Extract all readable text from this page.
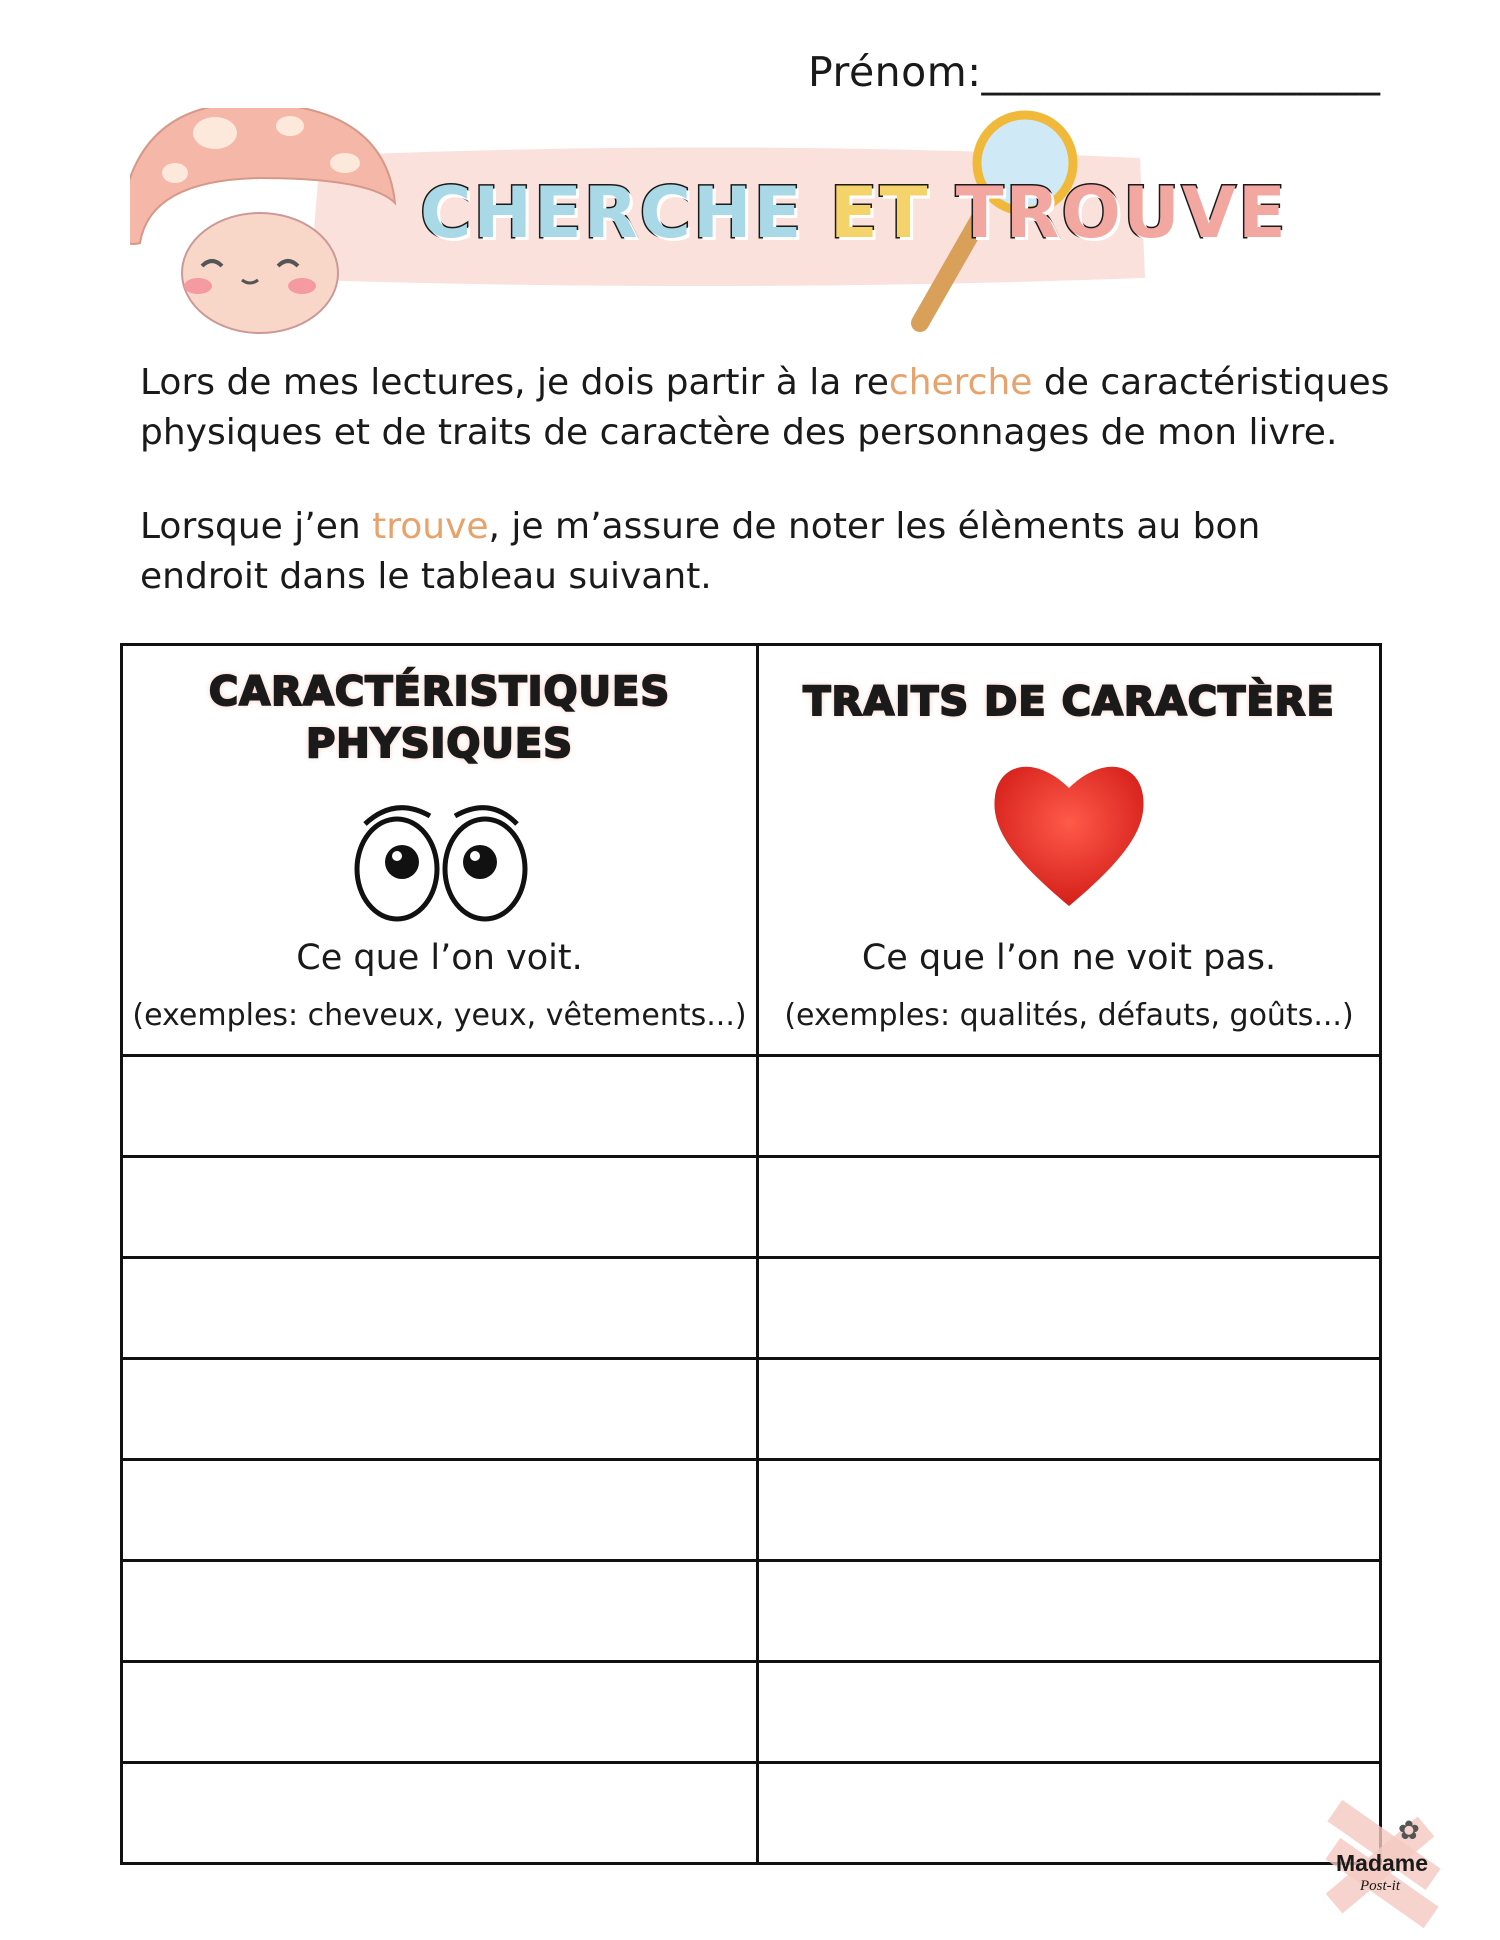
Prénom:___________________
CHERCHE ET TROUVE
Lors de mes lectures, je dois partir à la recherche de caractéristiques physiques et de traits de caractère des personnages de mon livre.
Lorsque j’en trouve, je m’assure de noter les élèments au bon endroit dans le tableau suivant.
CARACTÉRISTIQUES
PHYSIQUES
Ce que l’on voit.
(exemples: cheveux, yeux, vêtements...)
TRAITS DE CARACTÈRE
Ce que l’on ne voit pas.
(exemples: qualités, défauts, goûts...)
✿
Madame
Post-it
